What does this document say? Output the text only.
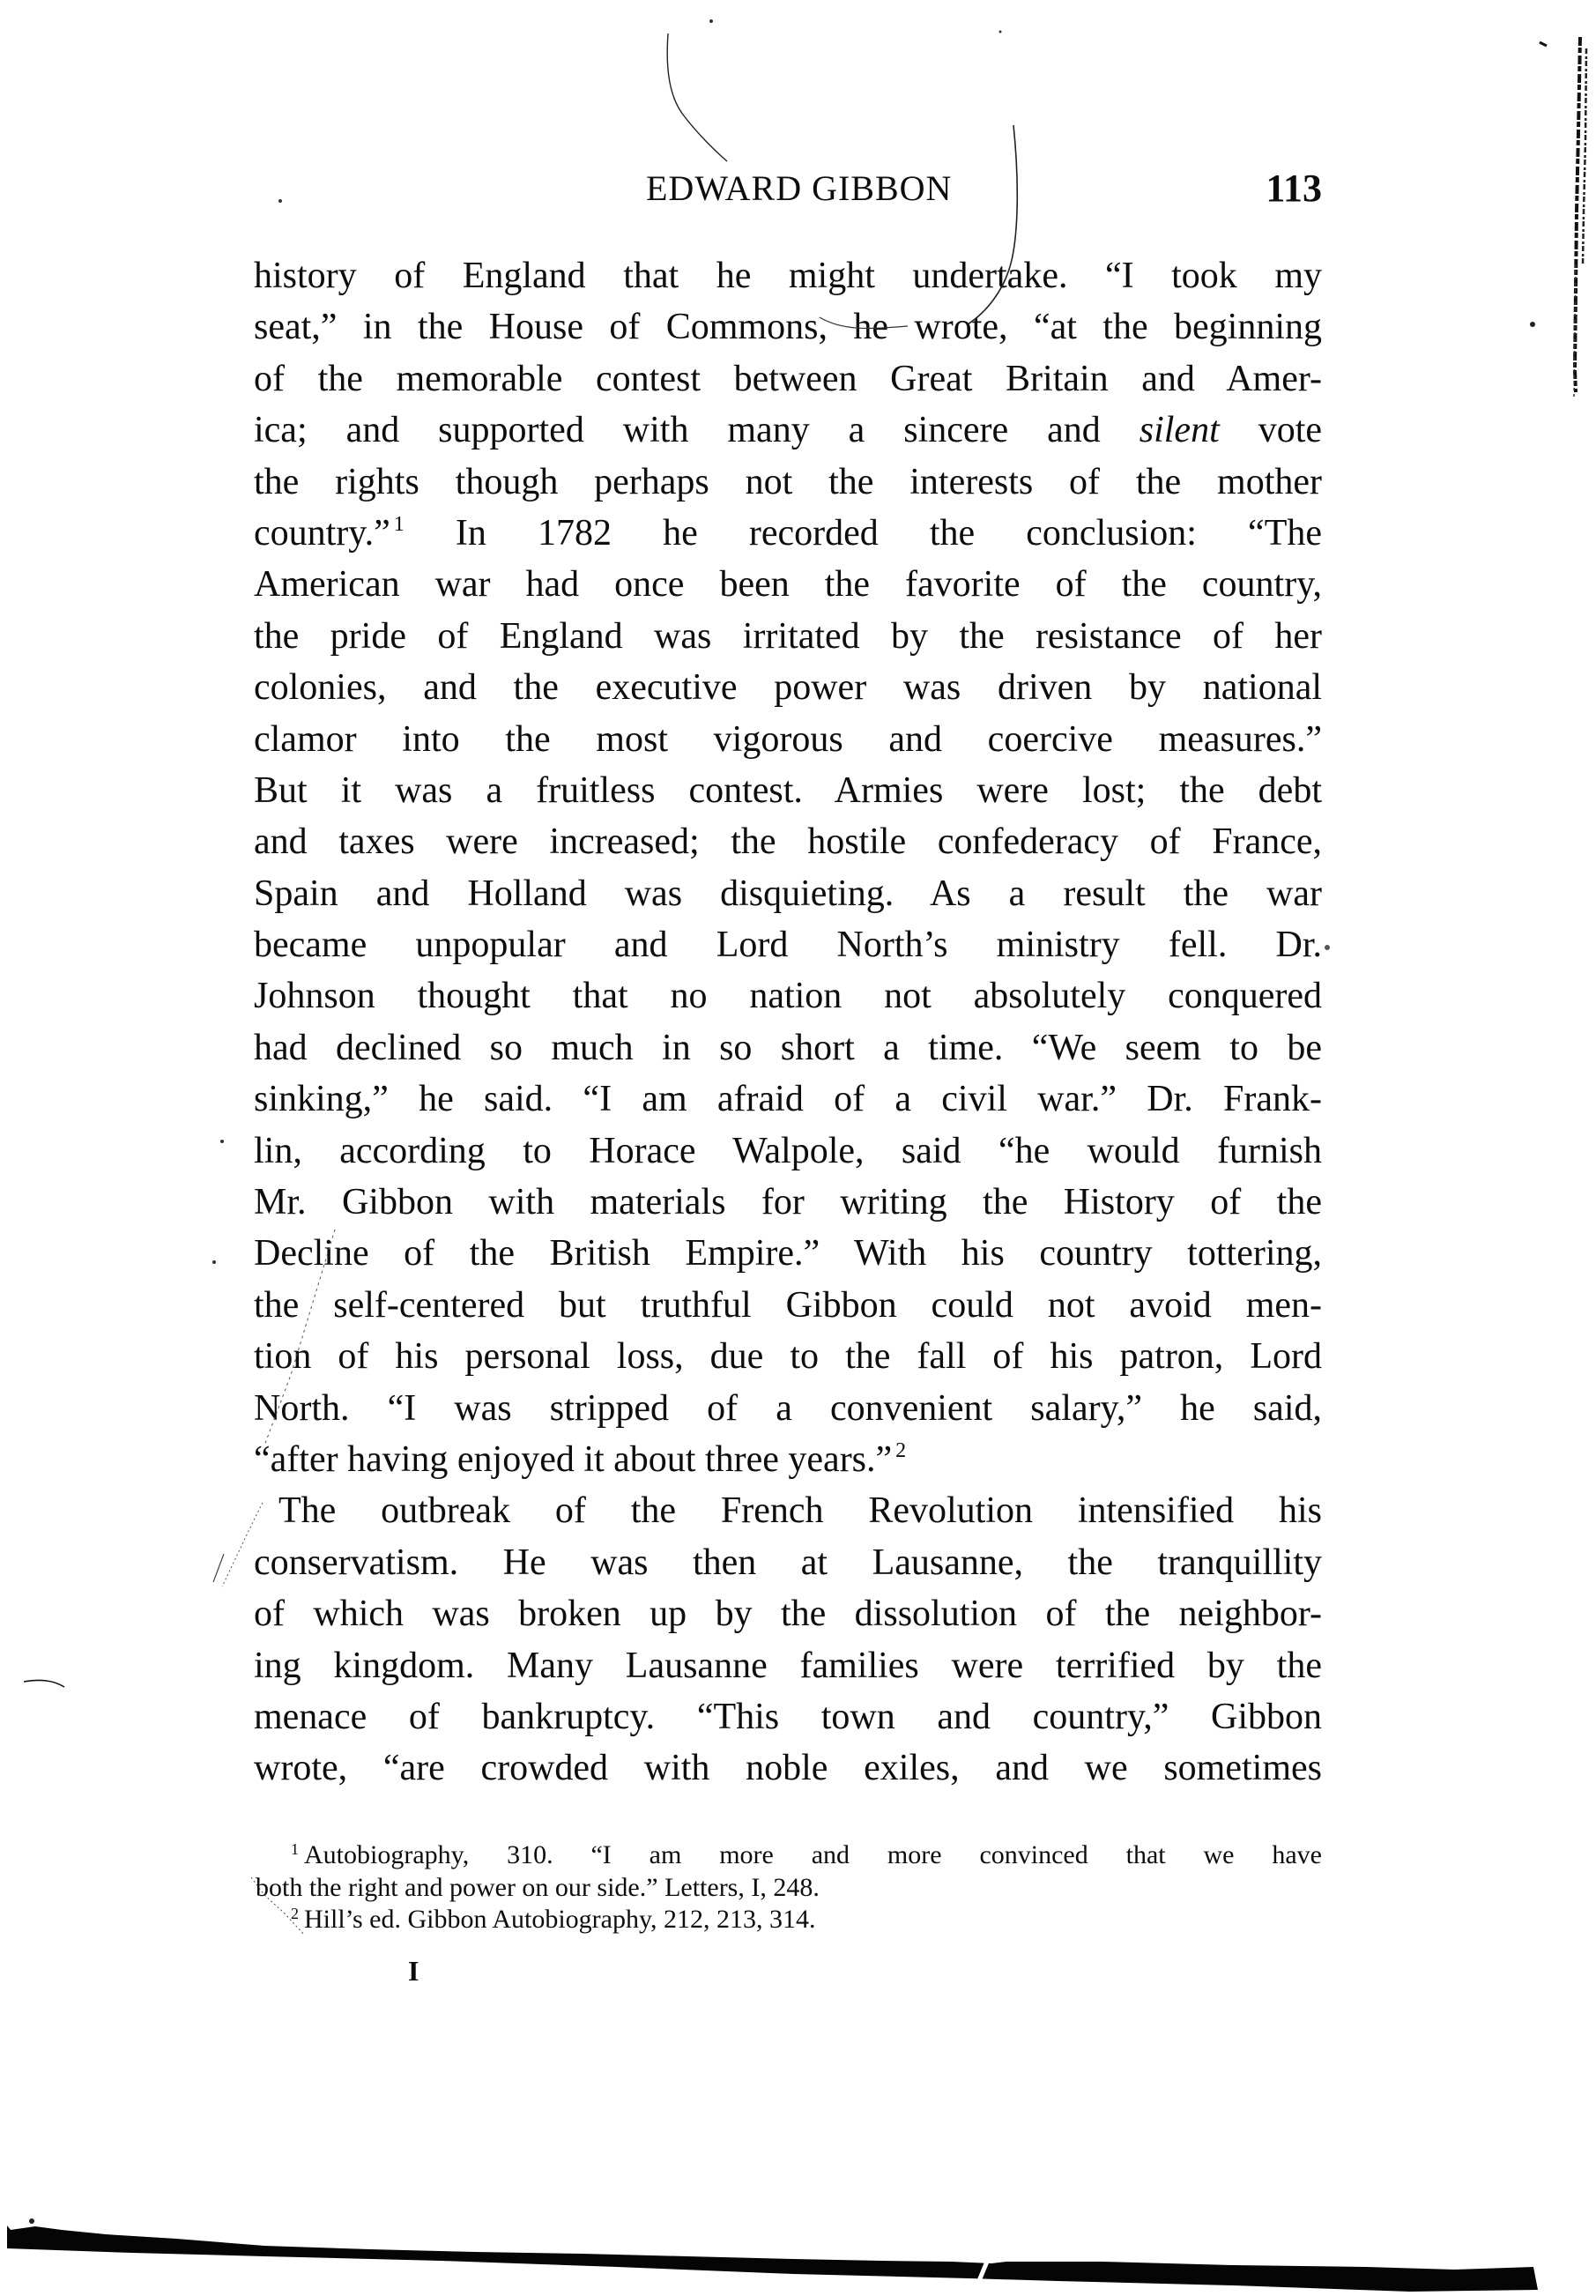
EDWARD GIBBON	113
history of England that he might undertake. “I took my
seat,” in the House of Commons, he wrote, “at the beginning
of the memorable contest between Great Britain and Amer-
ica; and supported with many a sincere and silent vote
the rights though perhaps not the interests of the mother
country.” $^1$ In 1782 he recorded the conclusion: “The
American war had once been the favorite of the country,
the pride of England was irritated by the resistance of her
colonies, and the executive power was driven by national
clamor into the most vigorous and coercive measures.”
But it was a fruitless contest. Armies were lost; the debt
and taxes were increased; the hostile confederacy of France,
Spain and Holland was disquieting. As a result the war
became unpopular and Lord North’s ministry fell. Dr.
Johnson thought that no nation not absolutely conquered
had declined so much in so short a time. “We seem to be
sinking,” he said. “I am afraid of a civil war.” Dr. Frank-
lin, according to Horace Walpole, said “he would furnish
Mr. Gibbon with materials for writing the History of the
Decline of the British Empire.” With his country tottering,
the self-centered but truthful Gibbon could not avoid men-
tion of his personal loss, due to the fall of his patron, Lord
North. “I was stripped of a convenient salary,” he said,
“after having enjoyed it about three years.” $^2$
The outbreak of the French Revolution intensified his
conservatism. He was then at Lausanne, the tranquillity
of which was broken up by the dissolution of the neighbor-
ing kingdom. Many Lausanne families were terrified by the
menace of bankruptcy. “This town and country,” Gibbon
wrote, “are crowded with noble exiles, and we sometimes
$^1$ Autobiography, 310. “I am more and more convinced that we have
both the right and power on our side.” Letters, I, 248.
$^2$ Hill’s ed. Gibbon Autobiography, 212, 213, 314.
I
